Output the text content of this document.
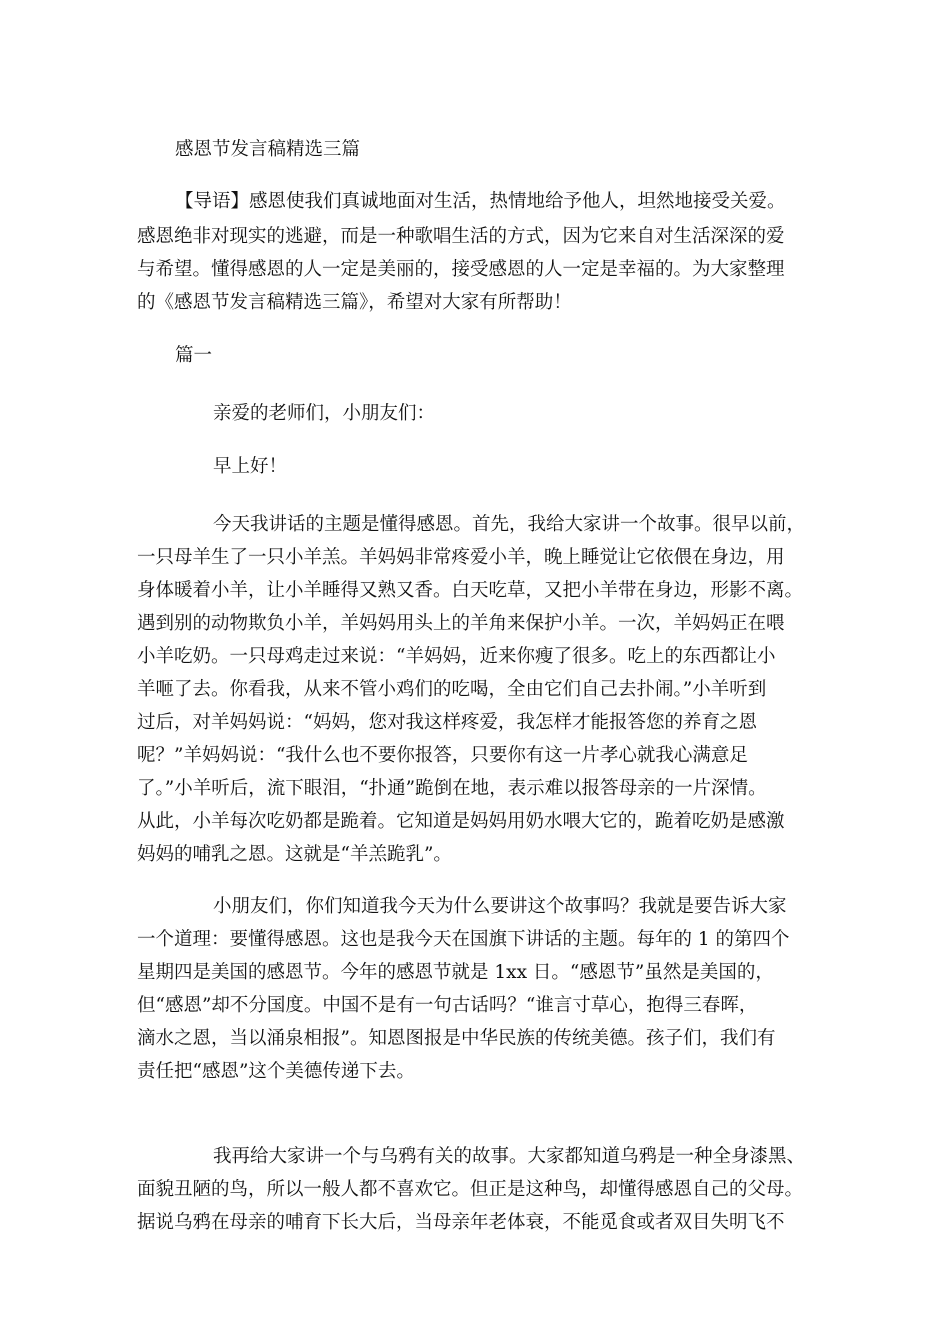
感恩节发言稿精选三篇
【导语】感恩使我们真诚地面对生活，热情地给予他人，坦然地接受关爱。
感恩绝非对现实的逃避，而是一种歌唱生活的方式，因为它来自对生活深深的爱
与希望。懂得感恩的人一定是美丽的，接受感恩的人一定是幸福的。为大家整理
的《感恩节发言稿精选三篇》，希望对大家有所帮助！
篇一
亲爱的老师们，小朋友们：
早上好！
今天我讲话的主题是懂得感恩。首先，我给大家讲一个故事。很早以前，
一只母羊生了一只小羊羔。羊妈妈非常疼爱小羊，晚上睡觉让它依偎在身边，用
身体暖着小羊，让小羊睡得又熟又香。白天吃草，又把小羊带在身边，形影不离。
遇到别的动物欺负小羊，羊妈妈用头上的羊角来保护小羊。一次，羊妈妈正在喂
小羊吃奶。一只母鸡走过来说：“羊妈妈，近来你瘦了很多。吃上的东西都让小
羊咂了去。你看我，从来不管小鸡们的吃喝，全由它们自己去扑闹。”小羊听到
过后，对羊妈妈说：“妈妈，您对我这样疼爱，我怎样才能报答您的养育之恩
呢？”羊妈妈说：“我什么也不要你报答，只要你有这一片孝心就我心满意足
了。”小羊听后，流下眼泪，“扑通”跪倒在地，表示难以报答母亲的一片深情。
从此，小羊每次吃奶都是跪着。它知道是妈妈用奶水喂大它的，跪着吃奶是感激
妈妈的哺乳之恩。这就是“羊羔跪乳”。
小朋友们，你们知道我今天为什么要讲这个故事吗？我就是要告诉大家
一个道理：要懂得感恩。这也是我今天在国旗下讲话的主题。每年的 1 的第四个
星期四是美国的感恩节。今年的感恩节就是 1xx 日。“感恩节”虽然是美国的，
但“感恩”却不分国度。中国不是有一句古话吗？“谁言寸草心，抱得三春晖，
滴水之恩，当以涌泉相报”。知恩图报是中华民族的传统美德。孩子们，我们有
责任把“感恩”这个美德传递下去。
我再给大家讲一个与乌鸦有关的故事。大家都知道乌鸦是一种全身漆黑、
面貌丑陋的鸟，所以一般人都不喜欢它。但正是这种鸟，却懂得感恩自己的父母。
据说乌鸦在母亲的哺育下长大后，当母亲年老体衰，不能觅食或者双目失明飞不
